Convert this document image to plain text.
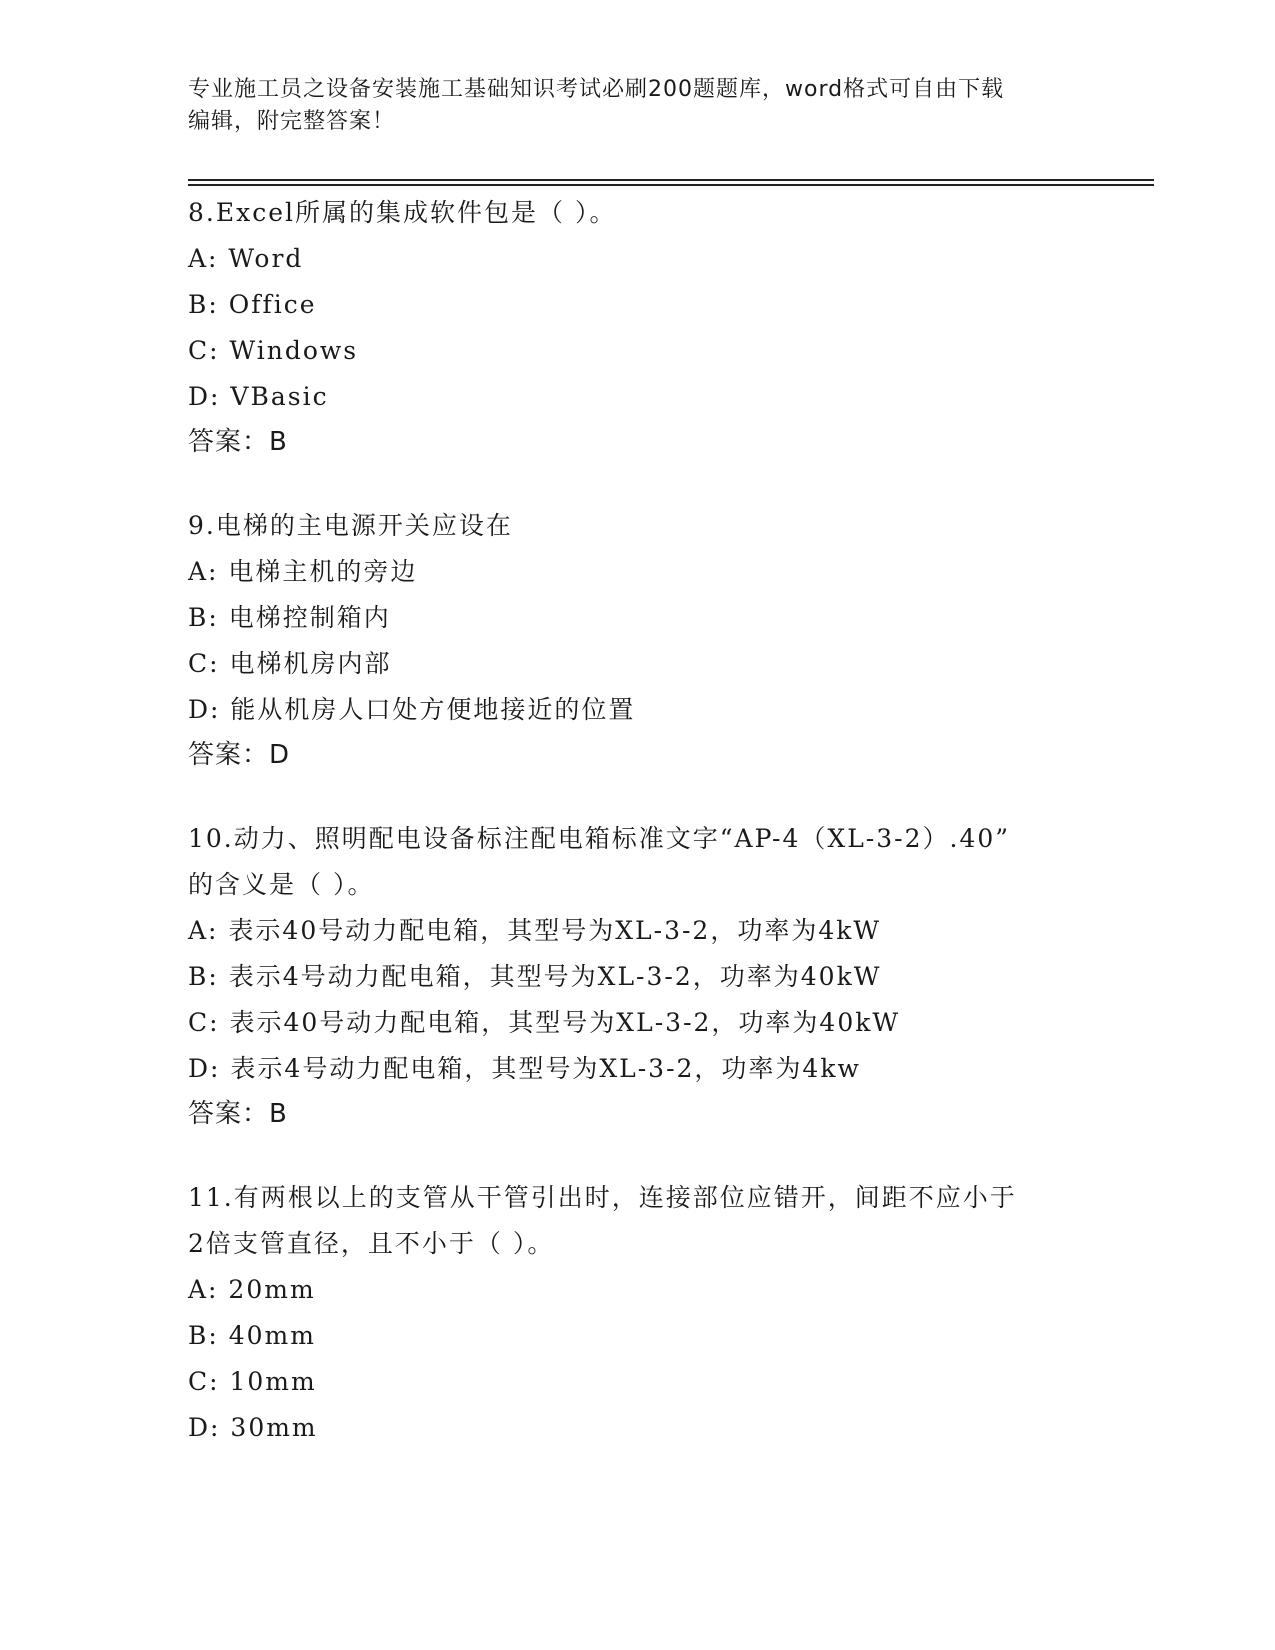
专业施工员之设备安装施工基础知识考试必刷200题题库，word格式可自由下载
编辑，附完整答案！
8.Excel所属的集成软件包是（ ）。
A: Word
B: Office
C: Windows
D: VBasic
答案：B
9.电梯的主电源开关应设在
A: 电梯主机的旁边
B: 电梯控制箱内
C: 电梯机房内部
D: 能从机房人口处方便地接近的位置
答案：D
10.动力、照明配电设备标注配电箱标准文字“AP-4（XL-3-2）.40”
的含义是（ ）。
A: 表示40号动力配电箱，其型号为XL-3-2，功率为4kW
B: 表示4号动力配电箱，其型号为XL-3-2，功率为40kW
C: 表示40号动力配电箱，其型号为XL-3-2，功率为40kW
D: 表示4号动力配电箱，其型号为XL-3-2，功率为4kw
答案：B
11.有两根以上的支管从干管引出时，连接部位应错开，间距不应小于
2倍支管直径，且不小于（ ）。
A: 20mm
B: 40mm
C: 10mm
D: 30mm
